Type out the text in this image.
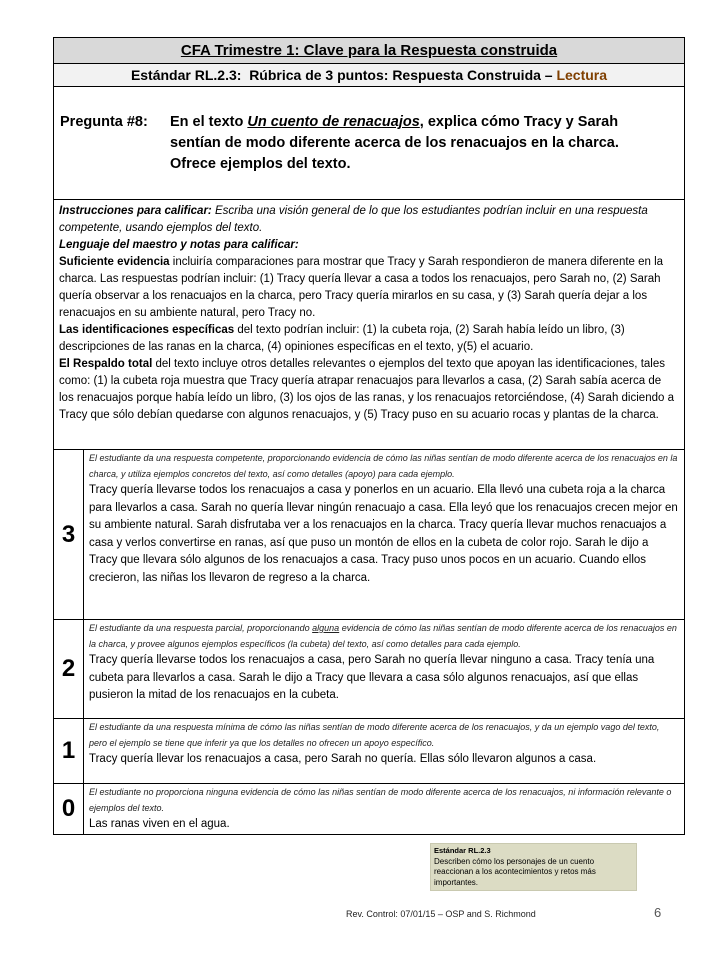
CFA Trimestre 1: Clave para la Respuesta construida
Estándar RL.2.3:  Rúbrica de 3 puntos: Respuesta Construida – Lectura
Pregunta #8:	En el texto Un cuento de renacuajos, explica cómo Tracy y Sarah
sentían de modo diferente acerca de los renacuajos en la charca.
Ofrece ejemplos del texto.
Instrucciones para calificar: Escriba una visión general de lo que los estudiantes podrían incluir en una respuesta competente, usando ejemplos del texto.
Lenguaje del maestro y notas para calificar:
Suficiente evidencia incluiría comparaciones para mostrar que Tracy y Sarah respondieron de manera diferente en la charca. Las respuestas podrían incluir: (1) Tracy quería llevar a casa a todos los renacuajos, pero Sarah no, (2) Sarah quería observar a los renacuajos en la charca, pero Tracy quería mirarlos en su casa, y (3) Sarah quería dejar a los renacuajos en su ambiente natural, pero Tracy no.
Las identificaciones específicas del texto podrían incluir: (1) la cubeta roja, (2) Sarah había leído un libro, (3) descripciones de las ranas en la charca, (4) opiniones específicas en el texto, y(5) el acuario.
El Respaldo total del texto incluye otros detalles relevantes o ejemplos del texto que apoyan las identificaciones, tales como: (1) la cubeta roja muestra que Tracy quería atrapar renacuajos para llevarlos a casa, (2) Sarah sabía acerca de los renacuajos porque había leído un libro, (3) los ojos de las ranas, y los renacuajos retorciéndose, (4) Sarah diciendo a Tracy que sólo debían quedarse con algunos renacuajos, y (5) Tracy puso en su acuario rocas y plantas de la charca.
3
El estudiante da una respuesta competente, proporcionando evidencia de cómo las niñas sentían de modo diferente acerca de los renacuajos en la charca, y utiliza ejemplos concretos del texto, así como detalles (apoyo) para cada ejemplo.
Tracy quería llevarse todos los renacuajos a casa y ponerlos en un acuario. Ella llevó una cubeta roja a la charca para llevarlos a casa. Sarah no quería llevar ningún renacuajo a casa. Ella leyó que los renacuajos crecen mejor en su ambiente natural. Sarah disfrutaba ver a los renacuajos en la charca. Tracy quería llevar muchos renacuajos a casa y verlos convertirse en ranas, así que puso un montón de ellos en la cubeta de color rojo. Sarah le dijo a Tracy que llevara sólo algunos de los renacuajos a casa. Tracy puso unos pocos en un acuario. Cuando ellos crecieron, las niñas los llevaron de regreso a la charca.
2
El estudiante da una respuesta parcial, proporcionando alguna evidencia de cómo las niñas sentían de modo diferente acerca de los renacuajos en la charca, y provee algunos ejemplos específicos (la cubeta) del texto, así como detalles para cada ejemplo.
Tracy quería llevarse todos los renacuajos a casa, pero Sarah no quería llevar ninguno a casa. Tracy tenía una cubeta para llevarlos a casa. Sarah le dijo a Tracy que llevara a casa sólo algunos renacuajos, así que ellas pusieron la mitad de los renacuajos en la cubeta.
1
El estudiante da una respuesta mínima de cómo las niñas sentían de modo diferente acerca de los renacuajos, y da un ejemplo vago del texto, pero el ejemplo se tiene que inferir ya que los detalles no ofrecen un apoyo específico.
Tracy quería llevar los renacuajos a casa, pero Sarah no quería. Ellas sólo llevaron algunos a casa.
0
El estudiante no proporciona ninguna evidencia de cómo las niñas sentían de modo diferente acerca de los renacuajos, ni información relevante o ejemplos del texto.
Las ranas viven en el agua.
Estándar RL.2.3
Describen cómo los personajes de un cuento reaccionan a los acontecimientos y retos más importantes.
Rev. Control: 07/01/15 – OSP and S. Richmond	6
